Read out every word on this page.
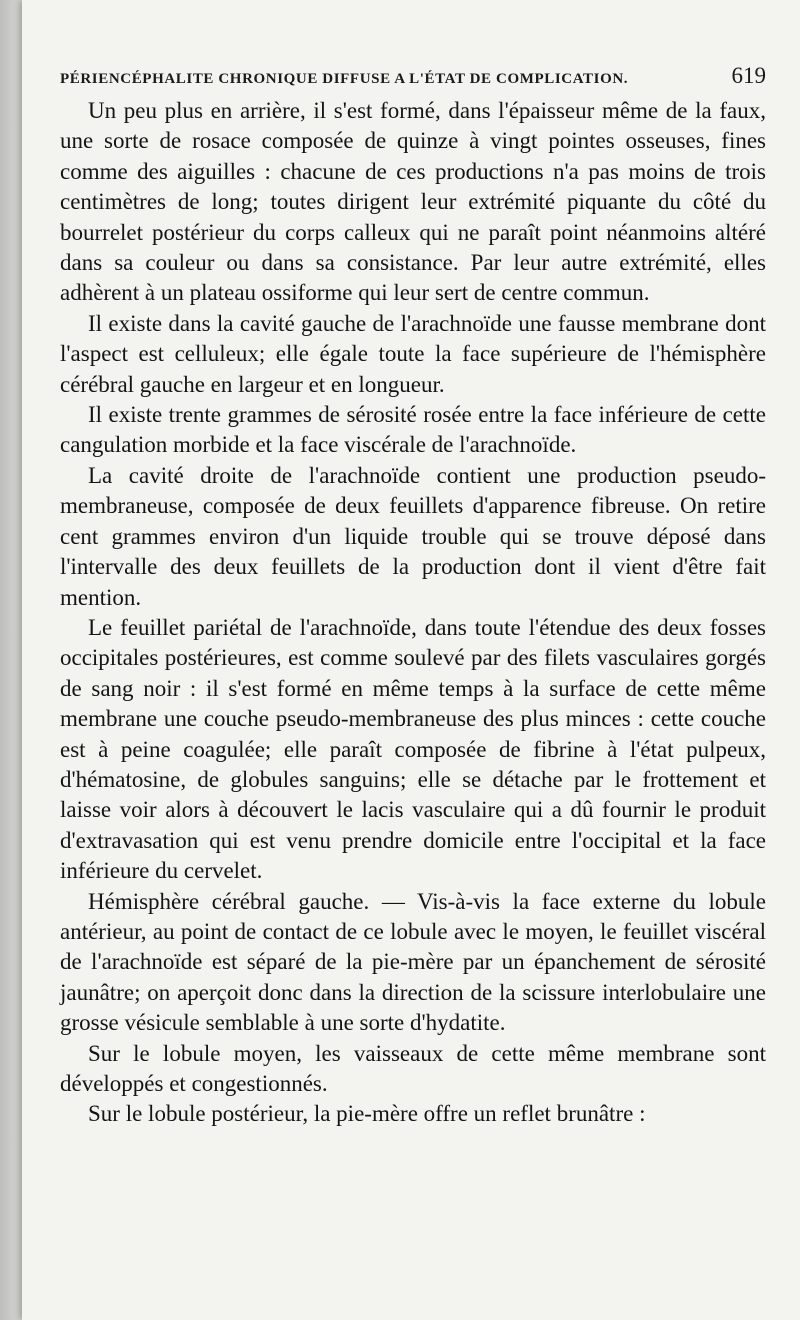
PÉRIENCÉPHALITE CHRONIQUE DIFFUSE A L'ÉTAT DE COMPLICATION.	619

Un peu plus en arrière, il s'est formé, dans l'épaisseur même de la faux, une sorte de rosace composée de quinze à vingt pointes osseuses, fines comme des aiguilles : chacune de ces productions n'a pas moins de trois centimètres de long; toutes dirigent leur extrémité piquante du côté du bourrelet postérieur du corps calleux qui ne paraît point néanmoins altéré dans sa couleur ou dans sa consistance. Par leur autre extrémité, elles adhèrent à un plateau ossiforme qui leur sert de centre commun.

Il existe dans la cavité gauche de l'arachnoïde une fausse membrane dont l'aspect est celluleux; elle égale toute la face supérieure de l'hémisphère cérébral gauche en largeur et en longueur.

Il existe trente grammes de sérosité rosée entre la face inférieure de cette cangulation morbide et la face viscérale de l'arachnoïde.

La cavité droite de l'arachnoïde contient une production pseudo-membraneuse, composée de deux feuillets d'apparence fibreuse. On retire cent grammes environ d'un liquide trouble qui se trouve déposé dans l'intervalle des deux feuillets de la production dont il vient d'être fait mention.

Le feuillet pariétal de l'arachnoïde, dans toute l'étendue des deux fosses occipitales postérieures, est comme soulevé par des filets vasculaires gorgés de sang noir : il s'est formé en même temps à la surface de cette même membrane une couche pseudo-membraneuse des plus minces : cette couche est à peine coagulée; elle paraît composée de fibrine à l'état pulpeux, d'hématosine, de globules sanguins; elle se détache par le frottement et laisse voir alors à découvert le lacis vasculaire qui a dû fournir le produit d'extravasation qui est venu prendre domicile entre l'occipital et la face inférieure du cervelet.

Hémisphère cérébral gauche. — Vis-à-vis la face externe du lobule antérieur, au point de contact de ce lobule avec le moyen, le feuillet viscéral de l'arachnoïde est séparé de la pie-mère par un épanchement de sérosité jaunâtre; on aperçoit donc dans la direction de la scissure interlobulaire une grosse vésicule semblable à une sorte d'hydatite.

Sur le lobule moyen, les vaisseaux de cette même membrane sont développés et congestionnés.

Sur le lobule postérieur, la pie-mère offre un reflet brunâtre :
